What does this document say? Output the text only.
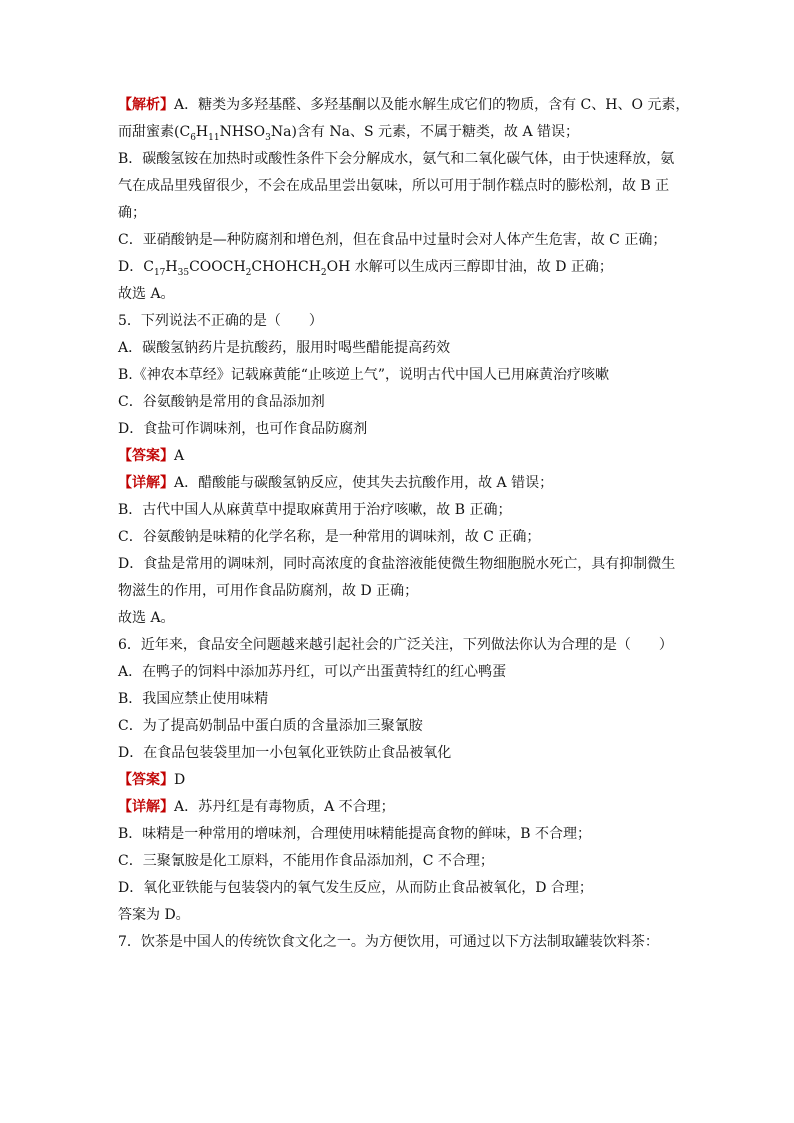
【解析】A．糖类为多羟基醛、多羟基酮以及能水解生成它们的物质，含有 C、H、O 元素，
而甜蜜素$(C_6H_{11}NHSO_3Na)$含有 Na、S 元素，不属于糖类，故 A 错误；
B．碳酸氢铵在加热时或酸性条件下会分解成水，氨气和二氧化碳气体，由于快速释放，氨
气在成品里残留很少，不会在成品里尝出氨味，所以可用于制作糕点时的膨松剂，故 B 正
确；
C．亚硝酸钠是—种防腐剂和增色剂，但在食品中过量时会对人体产生危害，故 C 正确；
D．$C_{17}H_{35}COOCH_2CHOHCH_2OH$ 水解可以生成丙三醇即甘油，故 D 正确；
故选 A。
5．下列说法不正确的是（　　）
A．碳酸氢钠药片是抗酸药，服用时喝些醋能提高药效
B.《神农本草经》记载麻黄能“止咳逆上气”，说明古代中国人已用麻黄治疗咳嗽
C．谷氨酸钠是常用的食品添加剂
D．食盐可作调味剂，也可作食品防腐剂
【答案】A
【详解】A．醋酸能与碳酸氢钠反应，使其失去抗酸作用，故 A 错误；
B．古代中国人从麻黄草中提取麻黄用于治疗咳嗽，故 B 正确；
C．谷氨酸钠是味精的化学名称，是一种常用的调味剂，故 C 正确；
D．食盐是常用的调味剂，同时高浓度的食盐溶液能使微生物细胞脱水死亡，具有抑制微生
物滋生的作用，可用作食品防腐剂，故 D 正确；
故选 A。
6．近年来，食品安全问题越来越引起社会的广泛关注，下列做法你认为合理的是（　　）
A．在鸭子的饲料中添加苏丹红，可以产出蛋黄特红的红心鸭蛋
B．我国应禁止使用味精
C．为了提高奶制品中蛋白质的含量添加三聚氰胺
D．在食品包装袋里加一小包氧化亚铁防止食品被氧化
【答案】D
【详解】A．苏丹红是有毒物质，A 不合理；
B．味精是一种常用的增味剂，合理使用味精能提高食物的鲜味，B 不合理；
C．三聚氰胺是化工原料，不能用作食品添加剂，C 不合理；
D．氧化亚铁能与包装袋内的氧气发生反应，从而防止食品被氧化，D 合理；
答案为 D。
7．饮茶是中国人的传统饮食文化之一。为方便饮用，可通过以下方法制取罐装饮料茶：
